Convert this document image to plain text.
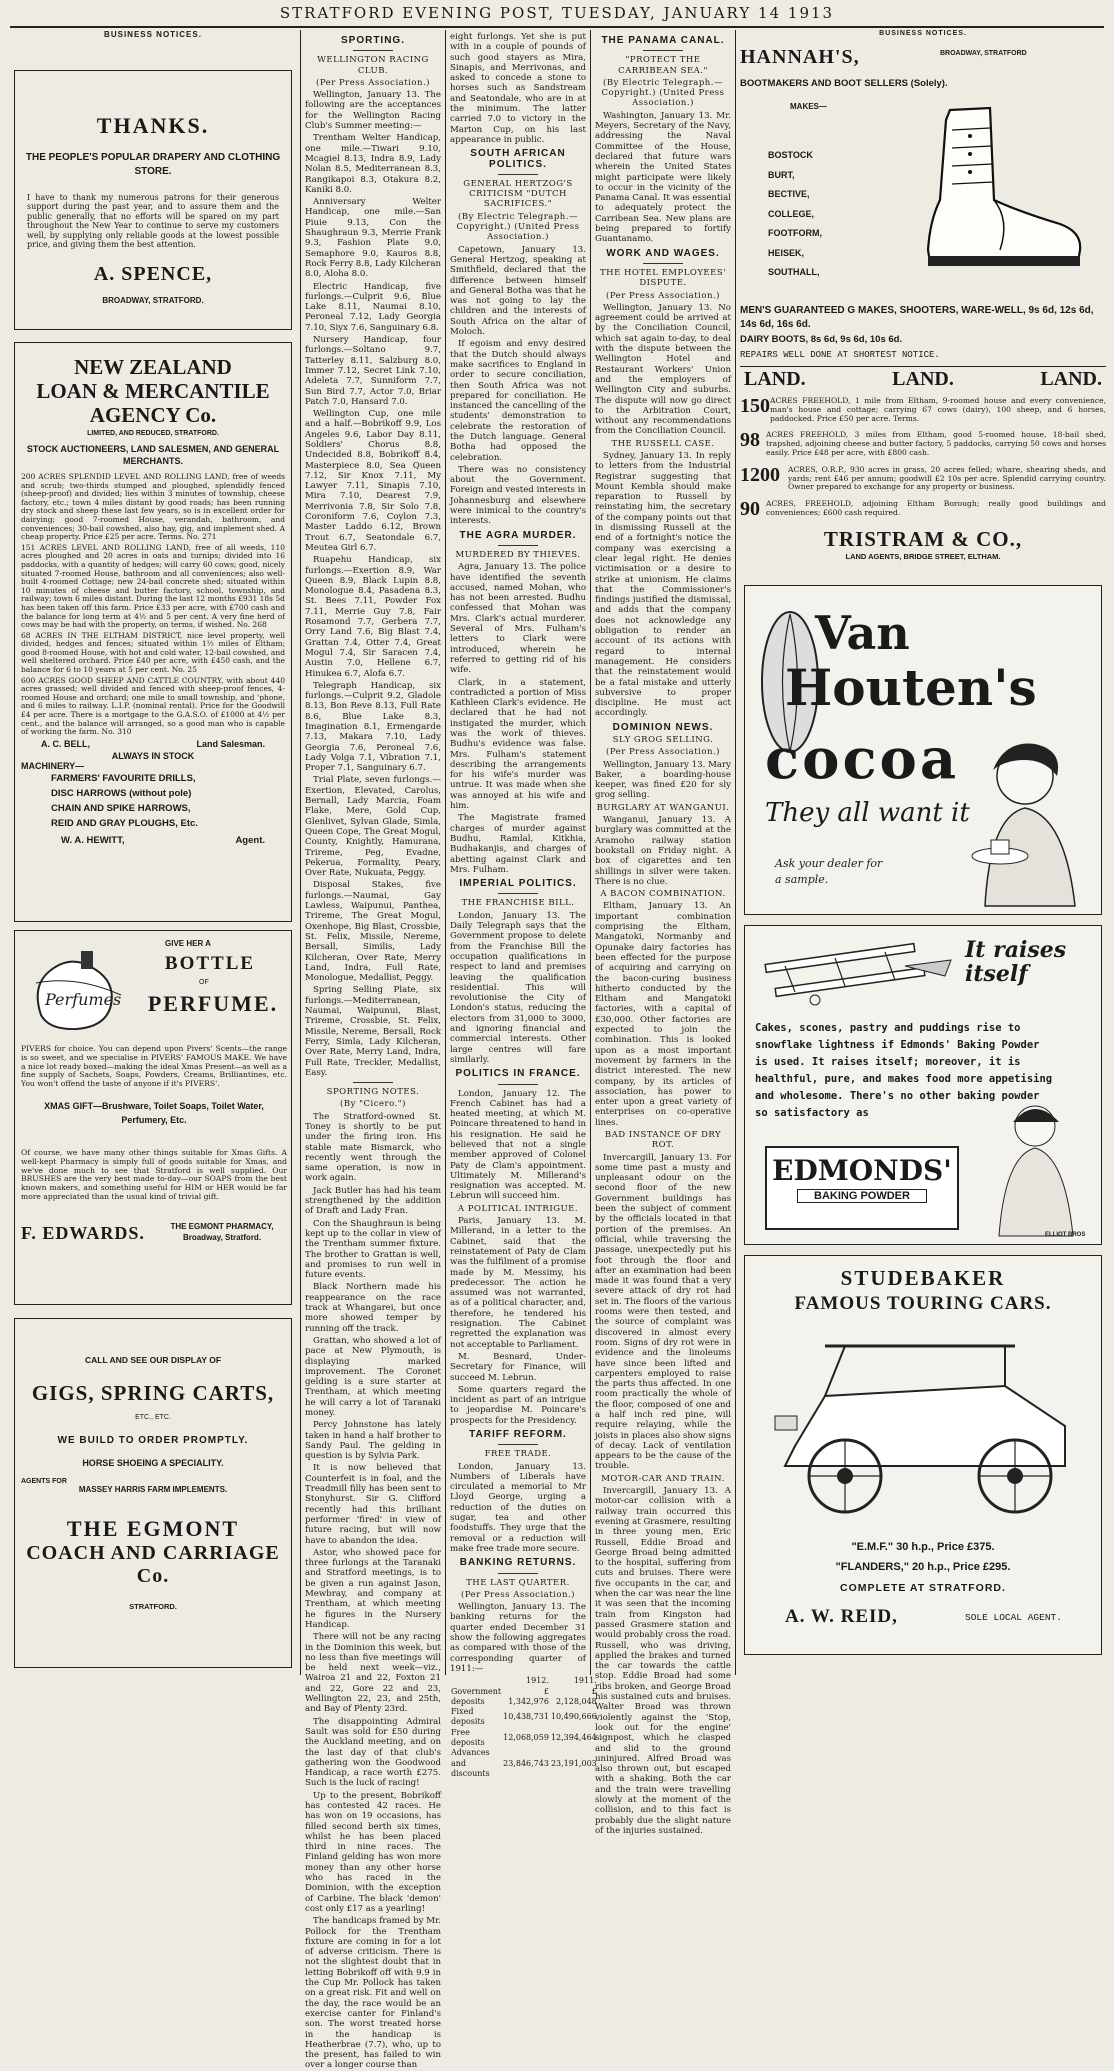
STRATFORD EVENING POST, TUESDAY, JANUARY 14 1913
BUSINESS NOTICES.
THANKS.
THE PEOPLE'S POPULAR DRAPERY AND CLOTHING STORE.
I have to thank my numerous patrons for their generous support during the past year, and to assure them and the public generally, that no efforts will be spared on my part throughout the New Year to continue to serve my customers well, by supplying only reliable goods at the lowest possible price, and giving them the best attention.
A. SPENCE,
BROADWAY, STRATFORD.
NEW ZEALAND
LOAN & MERCANTILE
AGENCY Co.
LIMITED, AND REDUCED, STRATFORD.
STOCK AUCTIONEERS, LAND SALESMEN, AND GENERAL MERCHANTS.
200 ACRES SPLENDID LEVEL AND ROLLING LAND, free of weeds and scrub; two-thirds stumped and ploughed, splendidly fenced (sheep-proof) and divided; lies within 3 minutes of township, cheese factory, etc.; town 4 miles distant by good roads; has been running dry stock and sheep these last few years, so is in excellent order for dairying; good 7-roomed House, verandah, bathroom, and conveniences; 30-bail cowshed, also hay, gig, and implement shed. A cheap property. Price £25 per acre. Terms. No. 271
151 ACRES LEVEL AND ROLLING LAND, free of all weeds, 110 acres ploughed and 20 acres in oats and turnips; divided into 16 paddocks, with a quantity of hedges; will carry 60 cows; good, nicely situated 7-roomed House, bathroom and all conveniences; also well-built 4-roomed Cottage; new 24-bail concrete shed; situated within 10 minutes of cheese and butter factory, school, township, and railway; town 6 miles distant. During the last 12 months £931 18s 5d has been taken off this farm. Price £33 per acre, with £700 cash and the balance for long term at 4½ and 5 per cent. A very fine herd of cows may be had with the property, on terms, if wished. No. 268
68 ACRES IN THE ELTHAM DISTRICT, nice level property, well divided, hedges and fences; situated within 1½ miles of Eltham; good 8-roomed House, with hot and cold water, 12-bail cowshed, and well sheltered orchard. Price £40 per acre, with £450 cash, and the balance for 6 to 10 years at 5 per cent. No. 25
600 ACRES GOOD SHEEP AND CATTLE COUNTRY, with about 440 acres grassed; well divided and fenced with sheep-proof fences, 4-roomed House and orchard; one mile to small township, and 'phone, and 6 miles to railway. L.I.P. (nominal rental). Price for the Goodwill £4 per acre. There is a mortgage to the G.A.S.O. of £1000 at 4½ per cent., and the balance will arranged, so a good man who is capable of working the farm. No. 310
A. C. BELL,	Land Salesman.
ALWAYS IN STOCK
MACHINERY—
FARMERS' FAVOURITE DRILLS,
DISC HARROWS (without pole)
CHAIN AND SPIKE HARROWS,
REID AND GRAY PLOUGHS, Etc.
W. A. HEWITT,	Agent.
Perfumes
GIVE HER A
BOTTLE
OF
PERFUME.
PIVERS for choice. You can depend upon Pivers' Scents—the range is so sweet, and we specialise in PIVERS' FAMOUS MAKE. We have a nice lot ready boxed—making the ideal Xmas Present—as well as a fine supply of Sachets, Soaps, Powders, Creams, Brilliantines, etc. You won't offend the taste of anyone if it's PIVERS'.
XMAS GIFT—Brushware, Toilet Soaps, Toilet Water, Perfumery, Etc.
Of course, we have many other things suitable for Xmas Gifts. A well-kept Pharmacy is simply full of goods suitable for Xmas, and we've done much to see that Stratford is well supplied. Our BRUSHES are the very best made to-day—our SOAPS from the best known makers, and something useful for HIM or HER would be far more appreciated than the usual kind of trivial gift.
F. EDWARDS.	THE EGMONT PHARMACY, Broadway, Stratford.
CALL AND SEE OUR DISPLAY OF
GIGS, SPRING CARTS,
ETC., ETC.
WE BUILD TO ORDER PROMPTLY.
HORSE SHOEING A SPECIALITY.
AGENTS FOR
MASSEY HARRIS FARM IMPLEMENTS.
THE EGMONT
COACH AND CARRIAGE Co.
STRATFORD.
SPORTING.
WELLINGTON RACING CLUB.
(Per Press Association.)

Wellington, January 13. The following are the acceptances for the Wellington Racing Club's Summer meeting:—

Trentham Welter Handicap, one mile.—Tiwari 9.10, Mcagiel 8.13, Indra 8.9, Lady Nolan 8.5, Mediterranean 8.3, Rangikapoi 8.3, Otakura 8.2, Kaniki 8.0.

Anniversary Welter Handicap, one mile.—San Piuie 9.13, Con the Shaughraun 9.3, Merrie Frank 9.3, Fashion Plate 9.0, Semaphore 9.0, Kauros 8.8, Rock Ferry 8.8, Lady Kilcheran 8.0, Aloha 8.0.

Electric Handicap, five furlongs.—Culprit 9.6, Blue Lake 8.11, Naumai 8.10, Peroneal 7.12, Lady Georgia 7.10, Siyx 7.6, Sanguinary 6.8.

Nursery Handicap, four furlongs.—Soltano 9.7, Tatterley 8.11, Salzburg 8.0, Immer 7.12, Secret Link 7.10, Adeleta 7.7, Sunniform 7.7, Sun Bird 7.7, Actor 7.0, Briar Patch 7.0, Hansard 7.0.

Wellington Cup, one mile and a half.—Bobrikoff 9.9, Los Angeles 9.6, Labor Day 8.11, Soldiers' Chorus 8.8, Undecided 8.8, Bobrikoff 8.4, Masterpiece 8.0, Sea Queen 7.12, Sir Knox 7.11, My Lawyer 7.11, Sinapis 7.10, Mira 7.10, Dearest 7.9, Merrivonia 7.8, Sir Solo 7.8, Coroniform 7.6, Coylon 7.3, Master Laddo 6.12, Brown Trout 6.7, Seatondale 6.7, Meutea Girl 6.7.

Ruapehu Handicap, six furlongs.—Exertion 8.9, War Queen 8.9, Black Lupin 8.8, Monologue 8.4, Pasadena 8.3, St. Bees 7.11, Powder Fox 7.11, Merrie Guy 7.8, Fair Rosamond 7.7, Gerbera 7.7, Orry Land 7.6, Big Blast 7.4, Grattan 7.4, Otter 7.4, Great Mogul 7.4, Sir Saracen 7.4, Austin 7.0, Hellene 6.7, Hinukea 6.7, Alofa 6.7.

Telegraph Handicap, six furlongs.—Culprit 9.2, Gladole 8.13, Bon Reve 8.13, Full Rate 8.6, Blue Lake 8.3, Imagination 8.1, Ermengarde 7.13, Makara 7.10, Lady Georgia 7.6, Peroneal 7.6, Lady Volga 7.1, Vibration 7.1, Proper 7.1, Sanguinary 6.7.

Trial Plate, seven furlongs.—Exertion, Elevated, Carolus, Bernall, Lady Marcia, Foam Flake, Mere, Gold Cup, Glenlivet, Sylvan Glade, Simla, Queen Cope, The Great Mogul, County, Knightly, Hamurana, Trireme, Peg, Evadne, Pekerua, Formality, Peary, Over Rate, Nukuata, Peggy.

Disposal Stakes, five furlongs.—Naumai, Gay Lawless, Waipunui, Panthea, Trireme, The Great Mogul, Oxenhope, Big Blast, Crossbie, St. Felix, Missile, Nereme, Bersall, Similis, Lady Kilcheran, Over Rate, Merry Land, Indra, Full Rate, Monologue, Medallist, Peggy.

Spring Selling Plate, six furlongs.—Mediterranean, Naumai, Waipunui, Blast, Trireme, Crossbie, St. Felix, Missile, Nereme, Bersall, Rock Ferry, Simla, Lady Kilcheran, Over Rate, Merry Land, Indra, Full Rate, Treckler, Medallist, Easy.

SPORTING NOTES.
(By "Cicero.")

The Stratford-owned St. Toney is shortly to be put under the firing iron. His stable mate Bismarck, who recently went through the same operation, is now in work again.

Jack Butler has had his team strengthened by the addition of Draft and Lady Fran.

Con the Shaughraun is being kept up to the collar in view of the Trentham summer fixture. The brother to Grattan is well, and promises to run well in future events.

Black Northern made his reappearance on the race track at Whangarei, but once more showed temper by running off the track.

Grattan, who showed a lot of pace at New Plymouth, is displaying marked improvement. The Coronet gelding is a sure starter at Trentham, at which meeting he will carry a lot of Taranaki money.

Percy Johnstone has lately taken in hand a half brother to Sandy Paul. The gelding in question is by Sylvia Park.

It is now believed that Counterfeit is in foal, and the Treadmill filly has been sent to Stonyhurst. Sir G. Clifford recently had this brilliant performer 'fired' in view of future racing, but will now have to abandon the idea.

Astor, who showed pace for three furlongs at the Taranaki and Stratford meetings, is to be given a run against Jason, Mewbray, and company at Trentham, at which meeting he figures in the Nursery Handicap.

There will not be any racing in the Dominion this week, but no less than five meetings will be held next week—viz., Wairoa 21 and 22, Foxton 21 and 22, Gore 22 and 23, Wellington 22, 23, and 25th, and Bay of Plenty 23rd.

The disappointing Admiral Sault was sold for £50 during the Auckland meeting, and on the last day of that club's gathering won the Goodwood Handicap, a race worth £275. Such is the luck of racing!

Up to the present, Bobrikoff has contested 42 races. He has won on 19 occasions, has filled second berth six times, whilst he has been placed third in nine races. The Finland gelding has won more money than any other horse who has raced in the Dominion, with the exception of Carbine. The black 'demon' cost only £17 as a yearling!

The handicaps framed by Mr. Pollock for the Trentham fixture are coming in for a lot of adverse criticism. There is not the slightest doubt that in letting Bobrikoff off with 9.9 in the Cup Mr. Pollock has taken on a great risk. Fit and well on the day, the race would be an exercise canter for Finland's son. The worst treated horse in the handicap is Heatherbrae (7.7), who, up to the present, has failed to win over a longer course than

eight furlongs. Yet she is put with in a couple of pounds of such good stayers as Mira, Sinapis, and Merrivonas, and asked to concede a stone to horses such as Sandstream and Seatondale, who are in at the minimum. The latter carried 7.0 to victory in the Marton Cup, on his last appearance in public.

SOUTH AFRICAN POLITICS.
GENERAL HERTZOG'S CRITICISM "DUTCH SACRIFICES."
(By Electric Telegraph.—Copyright.) (United Press Association.)

Capetown, January 13. General Hertzog, speaking at Smithfield, declared that the difference between himself and General Botha was that he was not going to lay the children and the interests of South Africa on the altar of Moloch.

If egoism and envy desired that the Dutch should always make sacrifices to England in order to secure conciliation, then South Africa was not prepared for conciliation. He instanced the cancelling of the students' demonstration to celebrate the restoration of the Dutch language. General Botha had opposed the celebration.

There was no consistency about the Government. Foreign and vested interests in Johannesburg and elsewhere were inimical to the country's interests.

THE AGRA MURDER.
MURDERED BY THIEVES.

Agra, January 13. The police have identified the seventh accused, named Mohan, who has not been arrested. Budhu confessed that Mohan was Mrs. Clark's actual murderer. Several of Mrs. Fulham's letters to Clark were introduced, wherein he referred to getting rid of his wife.

Clark, in a statement, contradicted a portion of Miss Kathleen Clark's evidence. He declared that he had not instigated the murder, which was the work of thieves. Budhu's evidence was false. Mrs. Fulham's statement describing the arrangements for his wife's murder was untrue. It was made when she was annoyed at his wife and him.

The Magistrate framed charges of murder against Budhu, Ramlal, Kitkhia, Budhakanjis, and charges of abetting against Clark and Mrs. Fulham.

IMPERIAL POLITICS.
THE FRANCHISE BILL.

London, January 13. The Daily Telegraph says that the Government propose to delete from the Franchise Bill the occupation qualifications in respect to land and premises leaving the qualification residential. This will revolutionise the City of London's status, reducing the electors from 31,000 to 3000, and ignoring financial and commercial interests. Other large centres will fare similarly.

POLITICS IN FRANCE.

London, January 12. The French Cabinet has had a heated meeting, at which M. Poincare threatened to hand in his resignation. He said he believed that not a single member approved of Colonel Paty de Clam's appointment. Ultimately M. Millerand's resignation was accepted. M. Lebrun will succeed him.

A POLITICAL INTRIGUE.

Paris, January 13. M. Millerand, in a letter to the Cabinet, said that the reinstatement of Paty de Clam was the fulfilment of a promise made by M. Messimy, his predecessor. The action he assumed was not warranted, as of a political character, and, therefore, he tendered his resignation. The Cabinet regretted the explanation was not acceptable to Parliament.

M. Besnard, Under-Secretary for Finance, will succeed M. Lebrun.

Some quarters regard the incident as part of an intrigue to jeopardise M. Poincare's prospects for the Presidency.

TARIFF REFORM.
FREE TRADE.

London, January 13. Numbers of Liberals have circulated a memorial to Mr Lloyd George, urging a reduction of the duties on sugar, tea and other foodstuffs. They urge that the removal or a reduction will make free trade more secure.

BANKING RETURNS.
THE LAST QUARTER.
(Per Press Association.)

Wellington, January 13. The banking returns for the quarter ended December 31 show the following aggregates as compared with those of the corresponding quarter of 1911:—

	1912.	1911.
Government deposits	£ 1,342,976	£ 2,128,048
Fixed deposits	10,438,731	10,490,666
Free deposits	12,068,059	12,394,464
Advances and discounts	23,846,743	23,191,003
THE PANAMA CANAL.
"PROTECT THE CARRIBEAN SEA."
(By Electric Telegraph.—Copyright.) (United Press Association.)

Washington, January 13. Mr. Meyers, Secretary of the Navy, addressing the Naval Committee of the House, declared that future wars wherein the United States might participate were likely to occur in the vicinity of the Panama Canal. It was essential to adequately protect the Carribean Sea. New plans are being prepared to fortify Guantanamo.

WORK AND WAGES.
THE HOTEL EMPLOYEES' DISPUTE.
(Per Press Association.)

Wellington, January 13. No agreement could be arrived at by the Conciliation Council, which sat again to-day, to deal with the dispute between the Wellington Hotel and Restaurant Workers' Union and the employers of Wellington City and suburbs. The dispute will now go direct to the Arbitration Court, without any recommendations from the Conciliation Council.

THE RUSSELL CASE.

Sydney, January 13. In reply to letters from the Industrial Registrar suggesting that Mount Kembla should make reparation to Russell by reinstating him, the secretary of the company points out that in dismissing Russell at the end of a fortnight's notice the company was exercising a clear legal right. He denies victimisation or a desire to strike at unionism. He claims that the Commissioner's findings justified the dismissal, and adds that the company does not acknowledge any obligation to render an account of its actions with regard to internal management. He considers that the reinstatement would be a fatal mistake and utterly subversive to proper discipline. He must act accordingly.

DOMINION NEWS.
SLY GROG SELLING.
(Per Press Association.)

Wellington, January 13. Mary Baker, a boarding-house keeper, was fined £20 for sly grog selling.

BURGLARY AT WANGANUI.

Wanganui, January 13. A burglary was committed at the Aramoho railway station bookstall on Friday night. A box of cigarettes and ten shillings in silver were taken. There is no clue.

A BACON COMBINATION.

Eltham, January 13. An important combination comprising the Eltham, Mangatoki, Normanby and Opunake dairy factories has been effected for the purpose of acquiring and carrying on the bacon-curing business hitherto conducted by the Eltham and Mangatoki factories, with a capital of £30,000. Other factories are expected to join the combination. This is looked upon as a most important movement by farmers in the district interested. The new company, by its articles of association, has power to enter upon a great variety of enterprises on co-operative lines.

BAD INSTANCE OF DRY ROT.

Invercargill, January 13. For some time past a musty and unpleasant odour on the second floor of the new Government buildings has been the subject of comment by the officials located in that portion of the premises. An official, while traversing the passage, unexpectedly put his foot through the floor and after an examination had been made it was found that a very severe attack of dry rot had set in. The floors of the various rooms were then tested, and the source of complaint was discovered in almost every room. Signs of dry rot were in evidence and the linoleums have since been lifted and carpenters employed to raise the parts thus affected. In one room practically the whole of the floor, composed of one and a half inch red pine, will require relaying, while the joists in places also show signs of decay. Lack of ventilation appears to be the cause of the trouble.

MOTOR-CAR AND TRAIN.

Invercargill, January 13. A motor-car collision with a railway train occurred this evening at Grasmere, resulting in three young men, Eric Russell, Eddie Broad and George Broad being admitted to the hospital, suffering from cuts and bruises. There were five occupants in the car, and when the car was near the line it was seen that the incoming train from Kingston had passed Grasmere station and would probably cross the road. Russell, who was driving, applied the brakes and turned the car towards the cattle stop. Eddie Broad had some ribs broken, and George Broad his sustained cuts and bruises. Walter Broad was thrown violently against the 'Stop, look out for the engine' signpost, which he clasped and slid to the ground uninjured. Alfred Broad was also thrown out, but escaped with a shaking. Both the car and the train were travelling slowly at the moment of the collision, and to this fact is probably due the slight nature of the injuries sustained.

BUSINESS NOTICES.
HANNAH'S,	BROADWAY, STRATFORD
BOOTMAKERS AND BOOT SELLERS (Solely).
MAKES—
BOSTOCK
BURT,
BECTIVE,
COLLEGE,
FOOTFORM,
HEISEK,
SOUTHALL,
MEN'S GUARANTEED G MAKES, SHOOTERS, WARE-WELL, 9s 6d, 12s 6d, 14s 6d, 16s 6d.
DAIRY BOOTS, 8s 6d, 9s 6d, 10s 6d.
REPAIRS WELL DONE AT SHORTEST NOTICE.
LAND.	LAND.	LAND.
150 ACRES FREEHOLD, 1 mile from Eltham, 9-roomed house and every convenience, man's house and cottage; carrying 67 cows (dairy), 100 sheep, and 6 horses, paddocked. Price £50 per acre. Terms.
98 ACRES FREEHOLD, 3 miles from Eltham, good 5-roomed house, 18-bail shed, trapshed, adjoining cheese and butter factory, 5 paddocks, carrying 50 cows and horses easily. Price £48 per acre, with £800 cash.
1200	ACRES, O.R.P., 930 acres in grass, 20 acres felled; whare, shearing sheds, and yards; rent £46 per annum; goodwill £2 10s per acre. Splendid carrying country. Owner prepared to exchange for any property or business.
90 ACRES, FREEHOLD, adjoining Eltham Borough; really good buildings and conveniences; £600 cash required.
TRISTRAM & CO.,
LAND AGENTS, BRIDGE STREET, ELTHAM.
Van
Houten's
cocoa
They all want it
Ask your dealer for a sample.
It raises itself
Cakes, scones, pastry and puddings rise to snowflake lightness if Edmonds' Baking Powder is used. It raises itself; moreover, it is healthful, pure, and makes food more appetising and wholesome. There's no other baking powder so satisfactory as
EDMONDS'
BAKING POWDER
ELLIOT BROS
STUDEBAKER
FAMOUS TOURING CARS.
"E.M.F." 30 h.p., Price £375.
"FLANDERS," 20 h.p., Price £295.
COMPLETE AT STRATFORD.
A. W. REID,	SOLE LOCAL AGENT.
